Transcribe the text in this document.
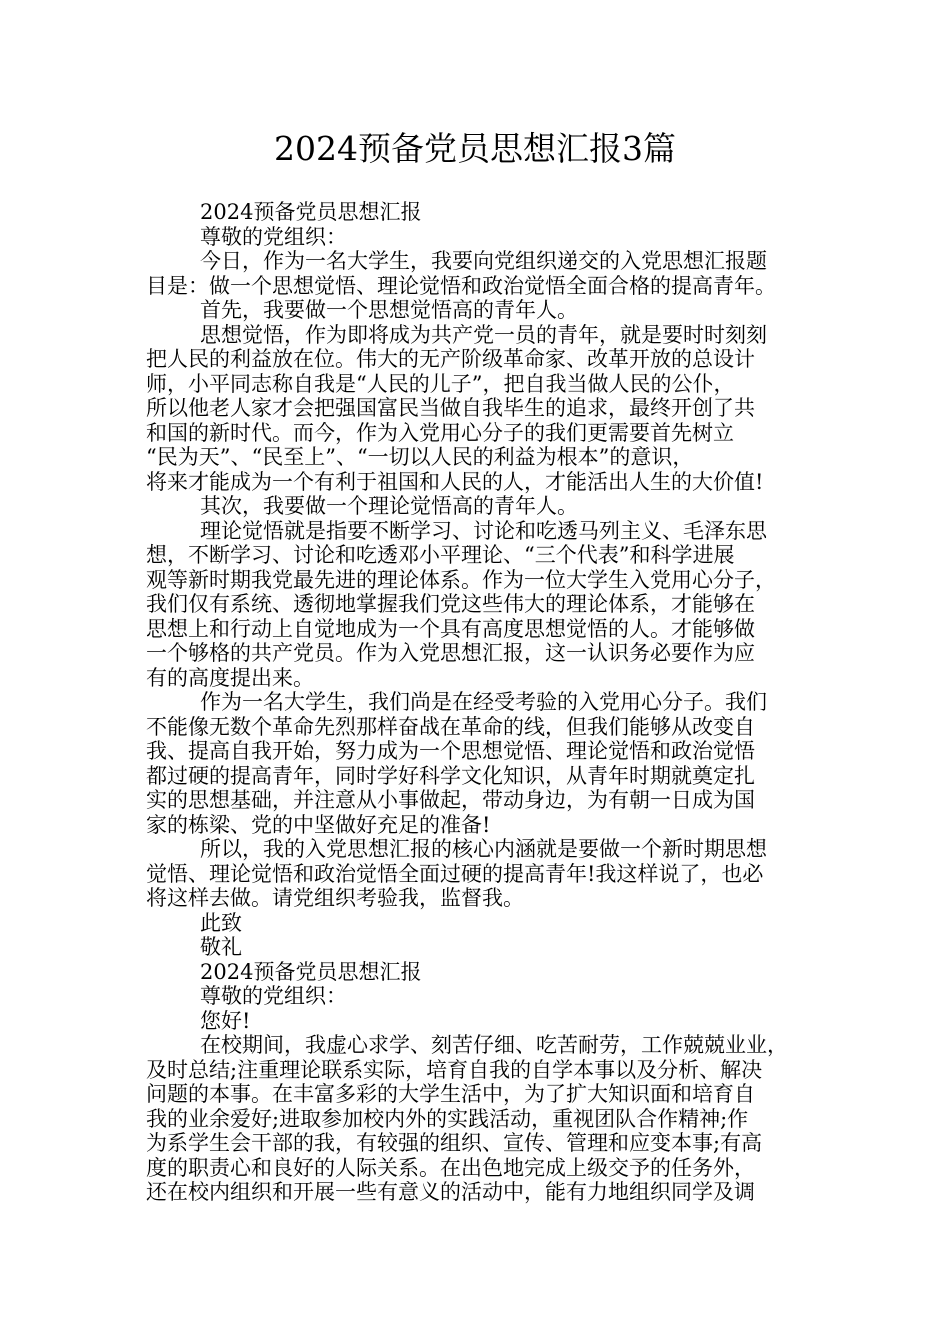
2024预备党员思想汇报3篇
2024预备党员思想汇报
尊敬的党组织：
今日，作为一名大学生，我要向党组织递交的入党思想汇报题
目是：做一个思想觉悟、理论觉悟和政治觉悟全面合格的提高青年。
首先，我要做一个思想觉悟高的青年人。
思想觉悟，作为即将成为共产党一员的青年，就是要时时刻刻
把人民的利益放在位。伟大的无产阶级革命家、改革开放的总设计
师，小平同志称自我是“人民的儿子”，把自我当做人民的公仆，
所以他老人家才会把强国富民当做自我毕生的追求，最终开创了共
和国的新时代。而今，作为入党用心分子的我们更需要首先树立
“民为天”、“民至上”、“一切以人民的利益为根本”的意识，
将来才能成为一个有利于祖国和人民的人，才能活出人生的大价值!
其次，我要做一个理论觉悟高的青年人。
理论觉悟就是指要不断学习、讨论和吃透马列主义、毛泽东思
想，不断学习、讨论和吃透邓小平理论、“三个代表”和科学进展
观等新时期我党最先进的理论体系。作为一位大学生入党用心分子，
我们仅有系统、透彻地掌握我们党这些伟大的理论体系，才能够在
思想上和行动上自觉地成为一个具有高度思想觉悟的人。才能够做
一个够格的共产党员。作为入党思想汇报，这一认识务必要作为应
有的高度提出来。
作为一名大学生，我们尚是在经受考验的入党用心分子。我们
不能像无数个革命先烈那样奋战在革命的线，但我们能够从改变自
我、提高自我开始，努力成为一个思想觉悟、理论觉悟和政治觉悟
都过硬的提高青年，同时学好科学文化知识，从青年时期就奠定扎
实的思想基础，并注意从小事做起，带动身边，为有朝一日成为国
家的栋梁、党的中坚做好充足的准备!
所以，我的入党思想汇报的核心内涵就是要做一个新时期思想
觉悟、理论觉悟和政治觉悟全面过硬的提高青年!我这样说了，也必
将这样去做。请党组织考验我，监督我。
此致
敬礼
2024预备党员思想汇报
尊敬的党组织：
您好!
在校期间，我虚心求学、刻苦仔细、吃苦耐劳，工作兢兢业业，
及时总结;注重理论联系实际，培育自我的自学本事以及分析、解决
问题的本事。在丰富多彩的大学生活中，为了扩大知识面和培育自
我的业余爱好;进取参加校内外的实践活动，重视团队合作精神;作
为系学生会干部的我，有较强的组织、宣传、管理和应变本事;有高
度的职责心和良好的人际关系。在出色地完成上级交予的任务外，
还在校内组织和开展一些有意义的活动中，能有力地组织同学及调
